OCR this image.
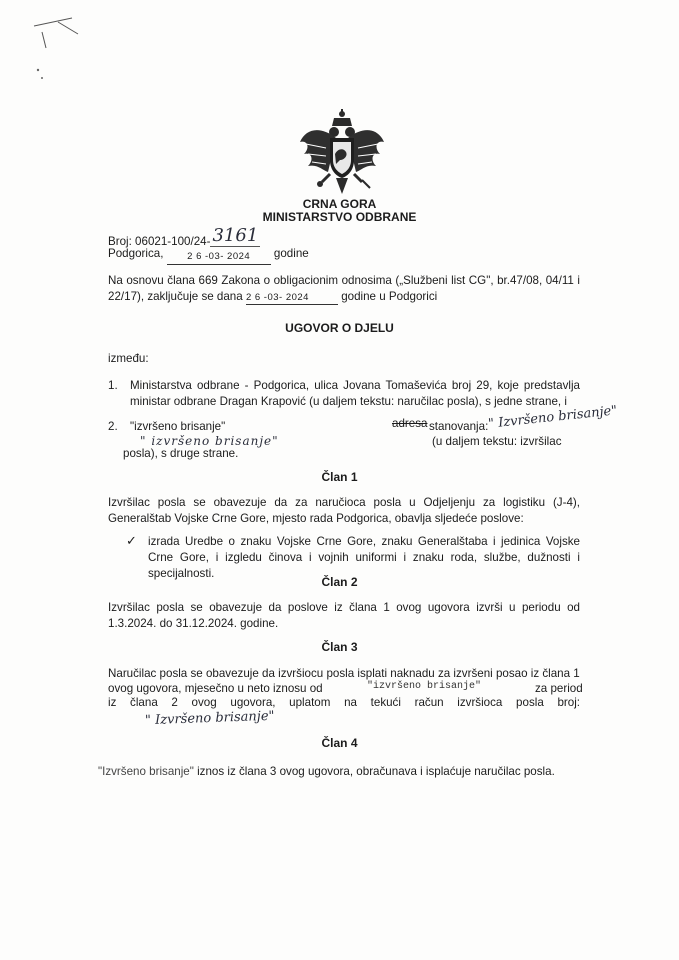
CRNA GORA
MINISTARSTVO ODBRANE
Broj: 06021-100/24- 3161
Podgorica, 2 6 -03- 2024 godine
Na osnovu člana 669 Zakona o obligacionim odnosima („Službeni list CG", br.47/08, 04/11 i 22/17), zaključuje se dana 2 6 -03- 2024	godine u Podgorici
UGOVOR O DJELU
između:
1. Ministarstva odbrane - Podgorica, ulica Jovana Tomaševića broj 29, koje predstavlja ministar odbrane Dragan Krapović (u daljem tekstu: naručilac posla), s jedne strane, i
2. "izvršeno brisanje"	adresa stanovanja: " Izvršeno brisanje"
" izvršeno brisanje"	(u daljem tekstu: izvršilac
posla), s druge strane.
Član 1
Izvršilac posla se obavezuje da za naručioca posla u Odjeljenju za logistiku (J-4), Generalštab Vojske Crne Gore, mjesto rada Podgorica, obavlja sljedeće poslove:
✓ izrada Uredbe o znaku Vojske Crne Gore, znaku Generalštaba i jedinica Vojske Crne Gore, i izgledu činova i vojnih uniformi i znaku roda, službe, dužnosti i specijalnosti.
Član 2
Izvršilac posla se obavezuje da poslove iz člana 1 ovog ugovora izvrši u periodu od 1.3.2024. do 31.12.2024. godine.
Član 3
Naručilac posla se obavezuje da izvršiocu posla isplati naknadu za izvršeni posao iz člana 1
ovog ugovora, mjesečno u neto iznosu od	"izvršeno brisanje"	za period
iz člana 2 ovog ugovora, uplatom na tekući račun izvršioca posla broj:
" Izvršeno brisanje"
Član 4
"Izvršeno brisanje" iznos iz člana 3 ovog ugovora, obračunava i isplaćuje naručilac posla.
